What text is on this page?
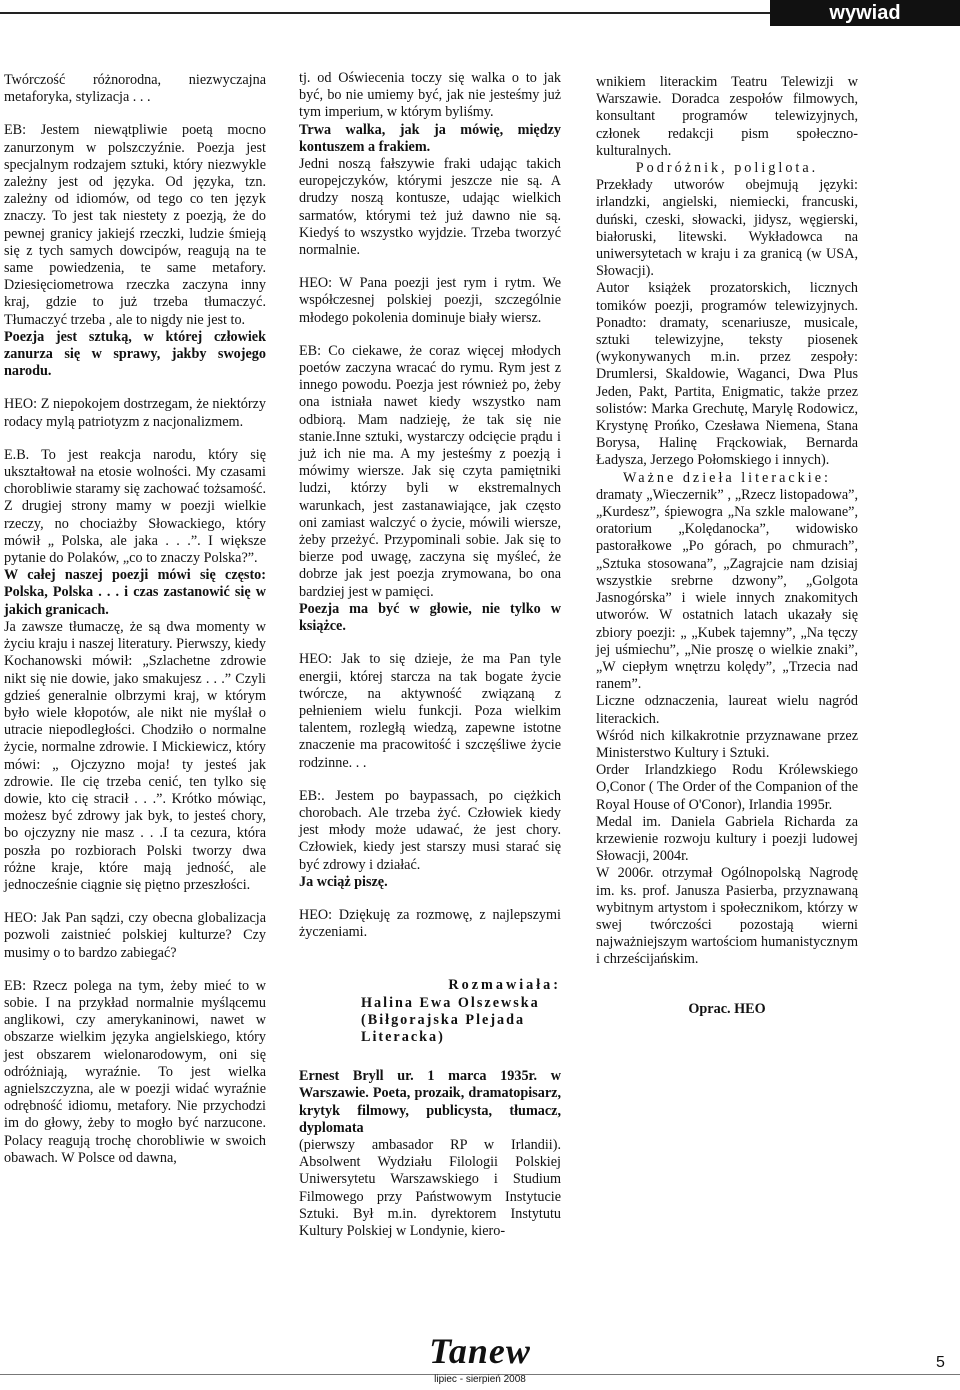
wywiad

Twórczość różnorodna, niezwyczajna metaforyka, stylizacja . . .

EB: Jestem niewątpliwie poetą mocno zanurzonym w polszczyźnie. Poezja jest specjalnym rodzajem sztuki, który niezwykle zależny jest od języka. Od języka, tzn. zależny od idiomów, od tego co ten język znaczy. To jest tak niestety z poezją, że do pewnej granicy jakiejś rzeczki, ludzie śmieją się z tych samych dowcipów, reagują na te same powiedzenia, te same metafory. Dziesięciometrowa rzeczka zaczyna inny kraj, gdzie to już trzeba tłumaczyć. Tłumaczyć trzeba , ale to nigdy nie jest to.

Poezja jest sztuką, w której człowiek zanurza się w sprawy, jakby swojego narodu.

HEO: Z niepokojem dostrzegam, że niektórzy rodacy mylą patriotyzm z nacjonalizmem.

E.B. To jest reakcja narodu, który się ukształtował na etosie wolności. My czasami chorobliwie staramy się zachować tożsamość. Z drugiej strony mamy w poezji wielkie rzeczy, no chociażby Słowackiego, który mówił „ Polska, ale jaka . . .”. I większe pytanie do Polaków, „co to znaczy Polska?”.

W całej naszej poezji mówi się często: Polska, Polska . . . i czas zastanowić się w jakich granicach.

Ja zawsze tłumaczę, że są dwa momenty w życiu kraju i naszej literatury. Pierwszy, kiedy Kochanowski mówił: „Szlachetne zdrowie nikt się nie dowie, jako smakujesz . . .” Czyli gdzieś generalnie olbrzymi kraj, w którym było wiele kłopotów, ale nikt nie myślał o utracie niepodległości. Chodziło o normalne życie, normalne zdrowie. I Mickiewicz, który mówi: „ Ojczyzno moja! ty jesteś jak zdrowie. Ile cię trzeba cenić, ten tylko się dowie, kto cię stracił . . .”. Krótko mówiąc, możesz być zdrowy jak byk, to jesteś chory, bo ojczyzny nie masz . . .I ta cezura, która poszła po rozbiorach Polski tworzy dwa różne kraje, które mają jedność, ale jednocześnie ciągnie się piętno przeszłości.

HEO: Jak Pan sądzi, czy obecna globalizacja pozwoli zaistnieć polskiej kulturze? Czy musimy o to bardzo zabiegać?

EB: Rzecz polega na tym, żeby mieć to w sobie. I na przykład normalnie myślącemu anglikowi, czy amerykaninowi, nawet w obszarze wielkim języka angielskiego, który jest obszarem wielonarodowym, oni się odróżniają, wyraźnie. To jest wielka agnielszczyzna, ale w poezji widać wyraźnie odrębność idiomu, metafory. Nie przychodzi im do głowy, żeby to mogło być narzucone. Polacy reagują trochę chorobliwie w swoich obawach. W Polsce od dawna,

tj. od Oświecenia toczy się walka o to jak być, bo nie umiemy być, jak nie jesteśmy już tym imperium, w którym byliśmy.

Trwa walka, jak ja mówię, między kontuszem a frakiem.

Jedni noszą fałszywie fraki udając takich europejczyków, którymi jeszcze nie są. A drudzy noszą kontusze, udając wielkich sarmatów, którymi też już dawno nie są. Kiedyś to wszystko wyjdzie. Trzeba tworzyć normalnie.

HEO: W Pana poezji jest rym i rytm. We współczesnej polskiej poezji, szczególnie młodego pokolenia dominuje biały wiersz.

EB: Co ciekawe, że coraz więcej młodych poetów zaczyna wracać do rymu. Rym jest z innego powodu. Poezja jest również po, żeby ona istniała nawet kiedy wszystko nam odbiorą. Mam nadzieję, że tak się nie stanie.Inne sztuki, wystarczy odcięcie prądu i już ich nie ma. A my jesteśmy z poezją i mówimy wiersze. Jak się czyta pamiętniki ludzi, którzy byli w ekstremalnych warunkach, jest zastanawiające, jak często oni zamiast walczyć o życie, mówili wiersze, żeby przeżyć. Przypominali sobie. Jak się to bierze pod uwagę, zaczyna się myśleć, że dobrze jak jest poezja zrymowana, bo ona bardziej jest w pamięci.

Poezja ma być w głowie, nie tylko w książce.

HEO: Jak to się dzieje, że ma Pan tyle energii, której starcza na tak bogate życie twórcze, na aktywność związaną z pełnieniem wielu funkcji. Poza wielkim talentem, rozległą wiedzą, zapewne istotne znaczenie ma pracowitość i szczęśliwe życie rodzinne. . .

EB:. Jestem po baypassach, po ciężkich chorobach. Ale trzeba żyć. Człowiek kiedy jest młody może udawać, że jest chory. Człowiek, kiedy jest starszy musi starać się być zdrowy i działać.

Ja wciąż piszę.

HEO: Dziękuję za rozmowę, z najlepszymi życzeniami.

Rozmawiała:

Halina Ewa Olszewska (Biłgorajska Plejada Literacka)

Ernest Bryll ur. 1 marca 1935r. w Warszawie. Poeta, prozaik, dramatopisarz, krytyk filmowy, publicysta, tłumacz, dyplomata

(pierwszy ambasador RP w Irlandii). Absolwent Wydziału Filologii Polskiej Uniwersytetu Warszawskiego i Studium Filmowego przy Państwowym Instytucie Sztuki. Był m.in. dyrektorem Instytutu Kultury Polskiej w Londynie, kiero-

wnikiem literackim Teatru Telewizji w Warszawie. Doradca zespołów filmowych, konsultant programów telewizyjnych, członek redakcji pism społeczno-kulturalnych.

Podróżnik, poliglota.

Przekłady utworów obejmują języki: irlandzki, angielski, niemiecki, francuski, duński, czeski, słowacki, jidysz, węgierski, białoruski, litewski. Wykładowca na uniwersytetach w kraju i za granicą (w USA, Słowacji).

Autor książek prozatorskich, licznych tomików poezji, programów telewizyjnych. Ponadto: dramaty, scenariusze, musicale, sztuki telewizyjne, teksty piosenek (wykonywanych m.in. przez zespoły: Drumlersi, Skaldowie, Waganci, Dwa Plus Jeden, Pakt, Partita, Enigmatic, także przez solistów: Marka Grechutę, Marylę Rodowicz, Krystynę Prońko, Czesława Niemena, Stana Borysa, Halinę Frąckowiak, Bernarda Ładysza, Jerzego Połomskiego i innych).

Ważne dzieła literackie:

dramaty „Wieczernik” , „Rzecz listopadowa”, „Kurdesz”, śpiewogra „Na szkle malowane”, oratorium „Kolędanocka”, widowisko pastorałkowe „Po górach, po chmurach”, „Sztuka stosowana”, „Zagrajcie nam dzisiaj wszystkie srebrne dzwony”, „Golgota Jasnogórska” i wiele innych znakomitych utworów. W ostatnich latach ukazały się zbiory poezji: „ „Kubek tajemny”, „Na tęczy jej uśmiechu”, „Nie proszę o wielkie znaki”, „W ciepłym wnętrzu kolędy”, „Trzecia nad ranem”.

Liczne odznaczenia, laureat wielu nagród literackich.

Wśród nich kilkakrotnie przyznawane przez Ministerstwo Kultury i Sztuki.

Order Irlandzkiego Rodu Królewskiego O,Conor ( The Order of the Companion of the Royal House of O'Conor), Irlandia 1995r.

Medal im. Daniela Gabriela Richarda za krzewienie rozwoju kultury i poezji ludowej Słowacji, 2004r.

W 2006r. otrzymał Ogólnopolską Nagrodę im. ks. prof. Janusza Pasierba, przyznawaną wybitnym artystom i społecznikom, którzy w swej twórczości pozostają wierni najważniejszym wartościom humanistycznym i chrześcijańskim.

Oprac. HEO

Tanew
lipiec - sierpień 2008
5
